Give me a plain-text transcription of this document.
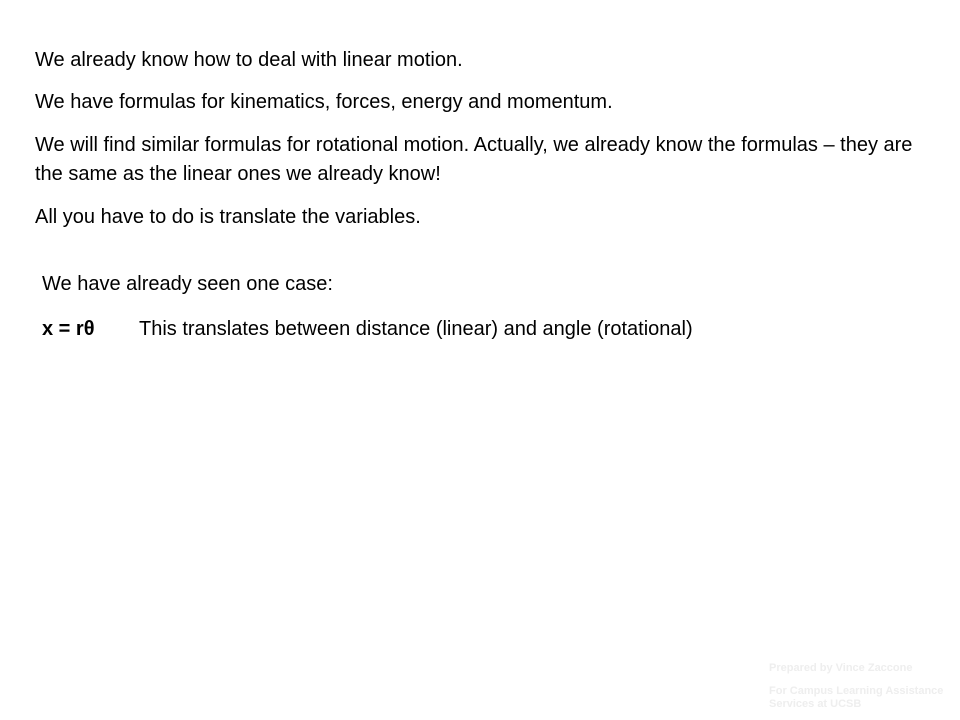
We already know how to deal with linear motion.

We have formulas for kinematics, forces, energy and momentum.

We will find similar formulas for rotational motion. Actually, we already know the formulas – they are the same as the linear ones we already know!

All you have to do is translate the variables.

We have already seen one case:

x = rθ This translates between distance (linear) and angle (rotational)
Prepared by Vince Zaccone
For Campus Learning Assistance Services at UCSB
